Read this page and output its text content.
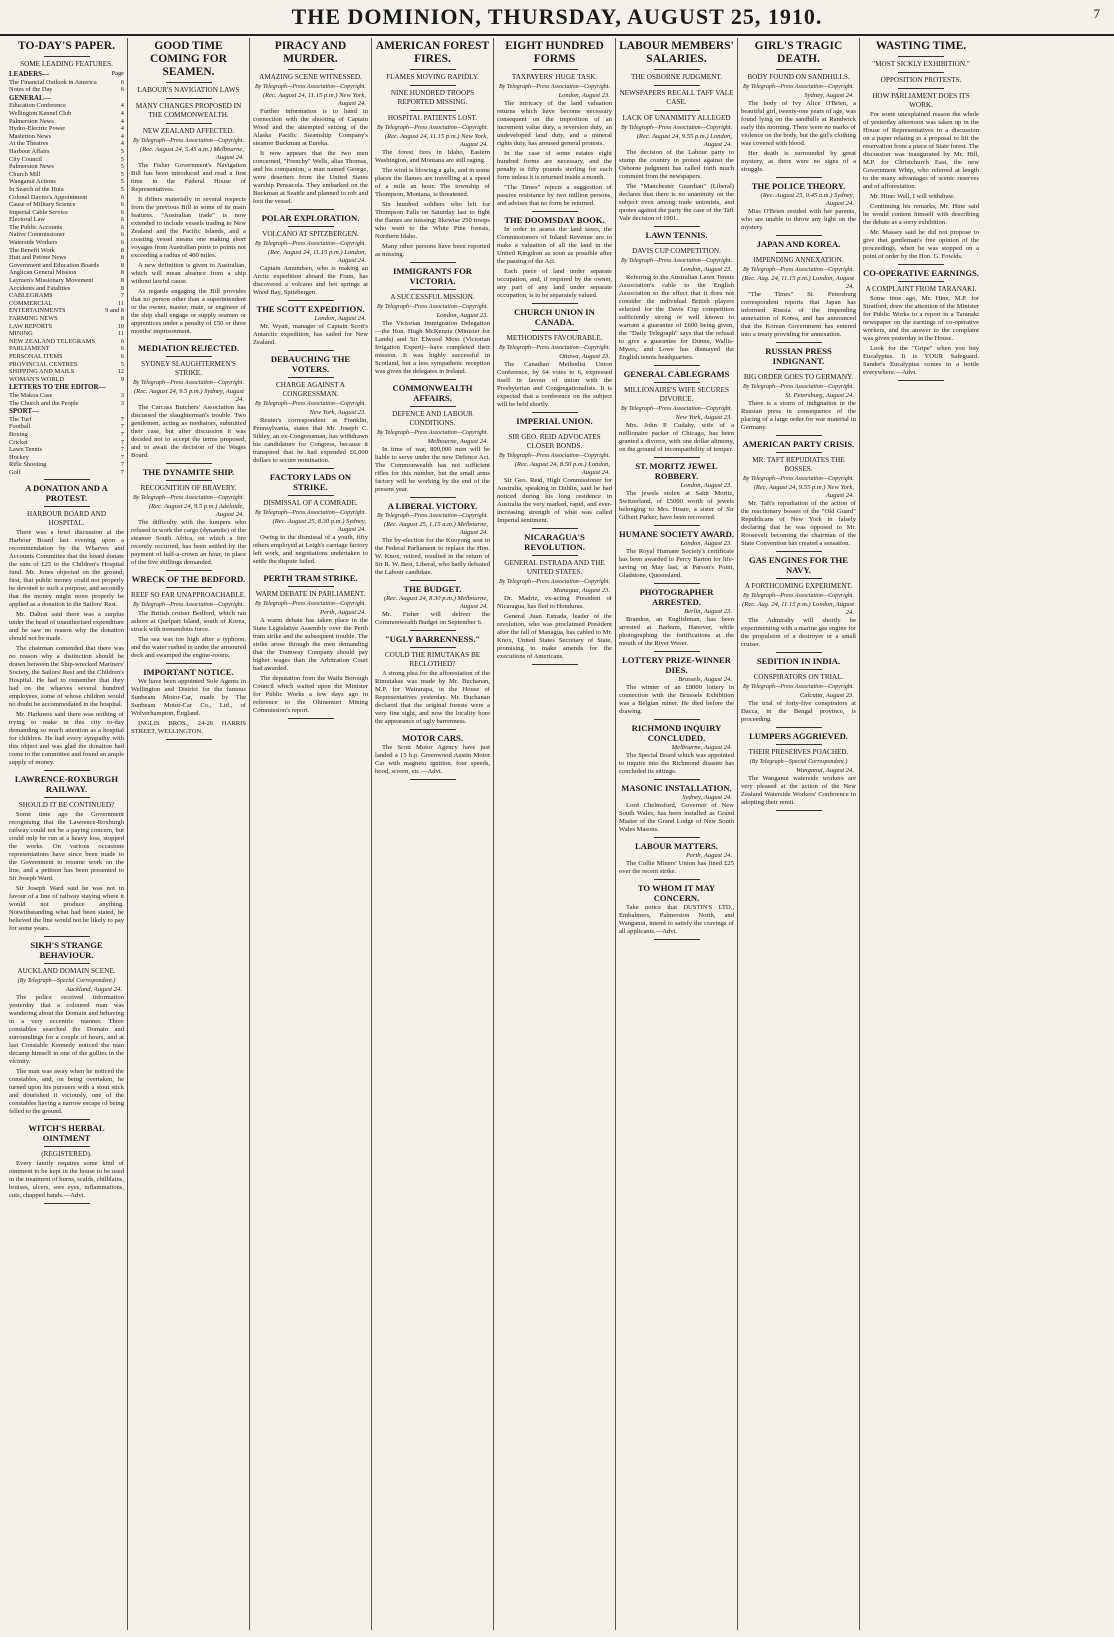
THE DOMINION, THURSDAY, AUGUST 25, 1910.	7
TO-DAY'S PAPER.
SOME LEADING FEATURES.
LEADERS—	Page
The Financial Outlook in America	6
Notes of the Day	6
GENERAL—
Education Conference	4
Wellington Kennel Club	4
Palmerston News	4
Hydro-Electric Power	4
Masterton News	4
At the Theatres	4
Harbour Affairs	5
City Council	5
Palmerston News	5
Church Mill	5
Wanganui Actions	5
In Search of the Huia	5
Colonel Davies's Appointment	6
Cause of Military Science	6
Imperial Cable Service	6
Electoral Law	6
The Public Accounts	6
Native Commissioner	6
Waterside Workers	6
The Benefit Work	8
Hutt and Petone News	8
Government and Education Boards	8
Anglican General Mission	8
Laymen's Missionary Movement	8
Accidents and Fatalities	8
CABLEGRAMS	7
COMMERCIAL	11
ENTERTAINMENTS	9 and 8
FARMING NEWS	8
LAW REPORTS	10
MINING	11
NEW ZEALAND TELEGRAMS	6
PARLIAMENT	6
PERSONAL ITEMS	6
PROVINCIAL CENTRES	5
SHIPPING AND MAILS	12
WOMAN'S WORLD	9
LETTERS TO THE EDITOR—
The Makoa Case	3
The Church and the People	3
SPORT—
The Turf	7
Football	7
Boxing	7
Cricket	7
Lawn Tennis	7
Hockey	7
Rifle Shooting	7
Golf	7
A DONATION AND A PROTEST.
HARBOUR BOARD AND HOSPITAL.

There was a brief discussion at the Harbour Board last evening upon a recommendation by the Wharves and Accounts Committee that the board donate the sum of £25 to the Children's Hospital fund. Mr. Jones objected on the ground, first, that public money could not properly be devoted to such a purpose, and secondly that the money might more properly be applied as a donation to the Sailors' Rest.

Mr. Dalton said there was a surplus under the head of unauthorised expenditure and he saw no reason why the donation should not be made.

The chairman contended that there was no reason why a distinction should be drawn between the Ship-wrecked Mariners' Society, the Sailors' Rest and the Children's Hospital. He had to remember that they had on the wharves several hundred employees, some of whose children would no doubt be accommodated in the hospital.

Mr. Harkness said there was nothing of trying to make in this city to-day demanding so much attention as a hospital for children. He had every sympathy with this object and was glad the donation had come to the committee and found an ample supply of money.

LAWRENCE-ROXBURGH RAILWAY.
SHOULD IT BE CONTINUED?

Some time ago the Government recognising that the Lawrence-Roxburgh railway could not be a paying concern, but could only be run at a heavy loss, stopped the works. On various occasions representations have since been made to the Government to resume work on the line, and a petition has been presented to Sir Joseph Ward.

Sir Joseph Ward said he was not in favour of a line of railway staying where it would not produce anything. Notwithstanding what had been stated, he believed the line would not be likely to pay for some years.

SIKH'S STRANGE BEHAVIOUR.
AUCKLAND DOMAIN SCENE.
(By Telegraph—Special Correspondent.)
Auckland, August 24.

The police received information yesterday that a coloured man was wandering about the Domain and behaving in a very eccentric manner. Three constables searched the Domain and surroundings for a couple of hours, and at last Constable Kennedy noticed the man decamp himself in one of the gullies in the vicinity.

The man was away when he noticed the constables, and, on being overtaken, he turned upon his pursuers with a stout stick and dourished it viciously, one of the constables having a narrow escape of being felled to the ground.

WITCH'S HERBAL OINTMENT
(REGISTERED).

Every family requires some kind of ointment to be kept in the house to be used in the treatment of burns, scalds, chilblains, bruises, ulcers, sore eyes, inflammations, cuts, chapped hands.—Advt.

GOOD TIME COMING FOR SEAMEN.
LABOUR'S NAVIGATION LAWS
MANY CHANGES PROPOSED IN THE COMMONWEALTH.
NEW ZEALAND AFFECTED.
By Telegraph—Press Association—Copyright.
(Rec. August 24, 5.45 a.m.) Melbourne, August 24.

The Fisher Government's Navigation Bill has been introduced and read a first time in the Federal House of Representatives.

It differs materially in several respects from the previous Bill in some of its main features. "Australian trade" is now extended to include vessels trading to New Zealand and the Pacific Islands, and a coasting vessel means one making short voyages from Australian ports to points not exceeding a radius of 400 miles.

A new definition is given to Australian, which will mean absence from a ship without lawful cause.

As regards engaging the Bill provides that no person other than a superintendent or the owner, master, mate, or engineer of the ship shall engage or supply seamen or apprentices under a penalty of £50 or three months' imprisonment.

MEDIATION REJECTED.
SYDNEY SLAUGHTERMEN'S STRIKE.
By Telegraph—Press Association—Copyright.
(Rec. August 24, 9.5 p.m.) Sydney, August 24.

The Carcass Butchers' Association has discussed the slaughterman's trouble. Two gentlemen, acting as mediators, submitted their case, but after discussion it was decided not to accept the terms proposed, and to await the decision of the Wages Board.

THE DYNAMITE SHIP.
RECOGNITION OF BRAVERY.
By Telegraph—Press Association—Copyright.
(Rec. August 24, 9.5 p.m.) Adelaide, August 24.

The difficulty with the lumpers who refused to work the cargo (dynamite) of the steamer South Africa, on which a fire recently occurred, has been settled by the payment of half-a-crown an hour, in place of the five shillings demanded.

WRECK OF THE BEDFORD.
REEF SO FAR UNAPPROACHABLE.
By Telegraph—Press Association—Copyright.

The British cruiser Bedford, which ran ashore at Quelpart Island, south of Korea, struck with tremendous force.

The sea was too high after a typhoon, and the water rushed in under the armoured deck and swamped the engine-rooms.

IMPORTANT NOTICE.

We have been appointed Sole Agents in Wellington and District for the famous Sunbeam Motor-Car, made by The Sunbeam Motor-Car Co., Ltd., of Wolverhampton, England.

INGLIS BROS., 24-26 HARRIS STREET, WELLINGTON.

PIRACY AND MURDER.
AMAZING SCENE WITNESSED.
By Telegraph—Press Association—Copyright.
(Rec. August 24, 11.15 p.m.) New York, August 24.

Further information is to hand in connection with the shooting of Captain Wood and the attempted seizing of the Alaska Pacific Steamship Company's steamer Buckman at Eureka.

It now appears that the two men concerned, "Frenchy" Wells, alias Thomas, and his companion, a man named George, were deserters from the United States warship Pensacola. They embarked on the Buckman at Seattle and planned to rob and loot the vessel.

POLAR EXPLORATION.
VOLCANO AT SPITZBERGEN.
By Telegraph—Press Association—Copyright.
(Rec. August 24, 11.15 p.m.) London, August 24.

Captain Amundsen, who is making an Arctic expedition aboard the Fram, has discovered a volcano and hot springs at Wood Bay, Spitzbergen.

THE SCOTT EXPEDITION.
London, August 24.

Mr. Wyatt, manager of Captain Scott's Antarctic expedition, has sailed for New Zealand.

DEBAUCHING THE VOTERS.
CHARGE AGAINST A CONGRESSMAN.
By Telegraph—Press Association—Copyright.
New York, August 23.

Reuter's correspondent at Franklin, Pennsylvania, states that Mr. Joseph C. Sibley, an ex-Congressman, has withdrawn his candidature for Congress, because it transpired that he had expended £6,000 dollars to secure nomination.

FACTORY LADS ON STRIKE.
DISMISSAL OF A COMRADE.
By Telegraph—Press Association—Copyright.
(Rec. August 25, 8.30 p.m.) Sydney, August 24.

Owing to the dismissal of a youth, fifty others employed at Leigh's carriage factory left work, and negotiations undertaken to settle the dispute failed.

PERTH TRAM STRIKE.
WARM DEBATE IN PARLIAMENT.
By Telegraph—Press Association—Copyright.
Perth, August 24.

A warm debate has taken place in the State Legislative Assembly over the Perth tram strike and the subsequent trouble. The strike arose through the men demanding that the Tramway Company should pay higher wages than the Arbitration Court had awarded.

The deputation from the Waihi Borough Council which waited upon the Minister for Public Works a few days ago in reference to the Ohinemuri Mining Commission's report.

AMERICAN FOREST FIRES.
FLAMES MOVING RAPIDLY.
NINE HUNDRED TROOPS REPORTED MISSING.
HOSPITAL PATIENTS LOST.
By Telegraph—Press Association—Copyright.
(Rec. August 24, 11.15 p.m.) New York, August 24.

The forest fires in Idaho, Eastern Washington, and Montana are still raging.

The wind is blowing a gale, and in some places the flames are travelling at a speed of a mile an hour. The township of Thompson, Montana, is threatened.

Six hundred soldiers who left for Thompson Falls on Saturday last to fight the flames are missing; likewise 250 troops who went to the White Pine forests, Northern Idaho.

Many other persons have been reported as missing.

IMMIGRANTS FOR VICTORIA.
A SUCCESSFUL MISSION.
By Telegraph—Press Association—Copyright.
London, August 23.

The Victorian Immigration Delegation—the Hon. Hugh McKenzie (Minister for Lands) and Sir Elwood Moss (Victorian Irrigation Expert)—have completed their mission. It was highly successful in Scotland, but a less sympathetic reception was given the delegates in Ireland.

COMMONWEALTH AFFAIRS.
DEFENCE AND LABOUR CONDITIONS.
By Telegraph—Press Association—Copyright.
Melbourne, August 24.

In time of war, 800,000 men will be liable to serve under the new Defence Act. The Commonwealth has not sufficient rifles for this number, but the small arms factory will be working by the end of the present year.

A LIBERAL VICTORY.
By Telegraph—Press Association—Copyright.
(Rec. August 25, 1.15 a.m.) Melbourne, August 24.

The by-election for the Kooyong seat in the Federal Parliament to replace the Hon. W. Knox, retired, resulted in the return of Sir R. W. Best, Liberal, who badly defeated the Labour candidate.

THE BUDGET.
(Rec. August 24, 8.30 p.m.) Melbourne, August 24.

Mr. Fisher will deliver the Commonwealth Budget on September 6.

"UGLY BARRENNESS."
COULD THE RIMUTAKAS BE RECLOTHED?

A strong plea for the afforestation of the Rimutakas was made by Mr. Buchanan, M.P. for Wairarapa, in the House of Representatives yesterday. Mr. Buchanan declared that the original forests were a very fine sight, and now the locality bore the appearance of ugly barrenness.

MOTOR CARS.

The Scott Motor Agency have just landed a 15 h.p. Greenwood Austin Motor Car with magneto ignition, four speeds, hood, screen, etc.—Advt.

EIGHT HUNDRED FORMS
TAXPAYERS' HUGE TASK.
By Telegraph—Press Association—Copyright.
London, August 23.

The intricacy of the land valuation returns which have become necessary consequent on the imposition of an increment value duty, a reversion duty, an undeveloped land duty, and a mineral rights duty, has aroused general protests.

In the case of some estates eight hundred forms are necessary, and the penalty is fifty pounds sterling for each form unless it is returned inside a month.

"The Times" rejects a suggestion of passive resistance by two million persons, and advises that no form be returned.

THE DOOMSDAY BOOK.

In order to assess the land taxes, the Commissioners of Inland Revenue are to make a valuation of all the land in the United Kingdom as soon as possible after the passing of the Act.

Each piece of land under separate occupation, and, if required by the owner, any part of any land under separate occupation, is to be separately valued.

CHURCH UNION IN CANADA.
METHODISTS FAVOURABLE.
By Telegraph—Press Association—Copyright.
Ottawa, August 23.

The Canadian Methodist Union Conference, by 64 votes to 6, expressed itself in favour of union with the Presbyterian and Congregationalists. It is expected that a conference on the subject will be held shortly.

IMPERIAL UNION.
SIR GEO. REID ADVOCATES CLOSER BONDS.
By Telegraph—Press Association—Copyright.
(Rec. August 24, 8.50 p.m.) London, August 24.

Sir Geo. Reid, High Commissioner for Australia, speaking in Dublin, said he had noticed during his long residence in Australia the very marked, rapid, and ever-increasing strength of what was called Imperial sentiment.

NICARAGUA'S REVOLUTION.
GENERAL ESTRADA AND THE UNITED STATES.
By Telegraph—Press Association—Copyright.
Managua, August 23.

Dr. Madriz, ex-acting President of Nicaragua, has fled to Honduras.

General Juan Estrada, leader of the revolution, who was proclaimed President after the fall of Managua, has cabled to Mr. Knox, United States Secretary of State, promising to make amends for the executions of Americans.

LABOUR MEMBERS' SALARIES.
THE OSBORNE JUDGMENT.
NEWSPAPERS RECALL TAFF VALE CASE.
LACK OF UNANIMITY ALLEGED
By Telegraph—Press Association—Copyright.
(Rec. August 24, 9.55 p.m.) London, August 24.

The decision of the Labour party to stump the country in protest against the Osborne judgment has called forth much comment from the newspapers.

The "Manchester Guardian" (Liberal) declares that there is no unanimity on the subject even among trade unionists, and quotes against the party the case of the Taff Vale decision of 1901.

LAWN TENNIS.
DAVIS CUP COMPETITION.
By Telegraph—Press Association—Copyright.
London, August 23.

Referring to the Australian Lawn Tennis Association's cable to the English Association to the effect that it does not consider the individual British players selected for the Davis Cup competition sufficiently strong or well known to warrant a guarantee of £600 being given, the "Daily Telegraph" says that the refusal to give a guarantee for Dunne, Wallis-Myers, and Lowe has dismayed the English tennis headquarters.

GENERAL CABLEGRAMS
MILLIONAIRE'S WIFE SECURES DIVORCE.
By Telegraph—Press Association—Copyright.
New York, August 23.

Mrs. John P. Cudahy, wife of a millionaire packer of Chicago, has been granted a divorce, with one dollar alimony, on the ground of incompatibility of temper.

ST. MORITZ JEWEL ROBBERY.
London, August 23.

The jewels stolen at Saint Moritz, Switzerland, of £5000 worth of jewels belonging to Mrs. Hoare, a sister of Sir Gilbert Parker, have been recovered.

HUMANE SOCIETY AWARD.
London, August 23.

The Royal Humane Society's certificate has been awarded to Percy Barton for life-saving on May last, at Parson's Point, Gladstone, Queensland.

PHOTOGRAPHER ARRESTED.
Berlin, August 23.

Brandon, an Englishman, has been arrested at Barkum, Hanover, while photographing the fortifications at the mouth of the River Weser.

LOTTERY PRIZE-WINNER DIES.
Brussels, August 24.

The winner of an £8000 lottery in connection with the Brussels Exhibition was a Belgian miner. He died before the drawing.

RICHMOND INQUIRY CONCLUDED.
Melbourne, August 24.

The Special Board which was appointed to inquire into the Richmond disaster has concluded its sittings.

MASONIC INSTALLATION.
Sydney, August 24.

Lord Chelmsford, Governor of New South Wales, has been installed as Grand Master of the Grand Lodge of New South Wales Masons.

LABOUR MATTERS.
Perth, August 24.

The Collie Miners' Union has fined £25 over the recent strike.

TO WHOM IT MAY CONCERN.

Take notice that DUSTIN'S LTD., Embalmers, Palmerston North, and Wanganui, intend to satisfy the cravings of all applicants.—Advt.

GIRL'S TRAGIC DEATH.
BODY FOUND ON SANDHILLS.
By Telegraph—Press Association—Copyright.
Sydney, August 24.

The body of Ivy Alice O'Brien, a beautiful girl, twenty-one years of age, was found lying on the sandhills at Randwick early this morning. There were no marks of violence on the body, but the girl's clothing was covered with blood.

Her death is surrounded by great mystery, as there were no signs of a struggle.

THE POLICE THEORY.
(Rec. August 25, 0.45 a.m.) Sydney, August 24.

Miss O'Brien resided with her parents, who are unable to throw any light on the mystery.

JAPAN AND KOREA.
IMPENDING ANNEXATION.
By Telegraph—Press Association—Copyright.
(Rec. Aug. 24, 11.15 p.m.) London, August 24.

"The Times" St. Petersburg correspondent reports that Japan has informed Russia of the impending annexation of Korea, and has announced that the Korean Government has entered into a treaty providing for annexation.

RUSSIAN PRESS INDIGNANT.
BIG ORDER GOES TO GERMANY.
By Telegraph—Press Association—Copyright.
St. Petersburg, August 24.

There is a storm of indignation in the Russian press in consequence of the placing of a large order for war material in Germany.

AMERICAN PARTY CRISIS.
MR. TAFT REPUDIATES THE BOSSES.
By Telegraph—Press Association—Copyright.
(Rec. August 24, 9.55 p.m.) New York, August 24.

Mr. Taft's repudiation of the action of the reactionary bosses of the "Old Guard" Republicans of New York in falsely declaring that he was opposed to Mr. Roosevelt becoming the chairman of the State Convention has created a sensation.

GAS ENGINES FOR THE NAVY.
A FORTHCOMING EXPERIMENT.
By Telegraph—Press Association—Copyright.
(Rec. Aug. 24, 11.15 p.m.) London, August 24.

The Admiralty will shortly be experimenting with a marine gas engine for the propulsion of a destroyer or a small cruiser.

SEDITION IN INDIA.
CONSPIRATORS ON TRIAL.
By Telegraph—Press Association—Copyright.
Calcutta, August 23.

The trial of forty-five conspirators at Dacca, in the Bengal province, is proceeding.

LUMPERS AGGRIEVED.
THEIR PRESERVES POACHED.
(By Telegraph—Special Correspondent.)
Wanganui, August 24.

The Wanganui waterside workers are very pleased at the action of the New Zealand Waterside Workers' Conference in adopting their remit.

WASTING TIME.
"MOST SICKLY EXHIBITION."
OPPOSITION PROTESTS.
HOW PARLIAMENT DOES ITS WORK.

For some unexplained reason the whole of yesterday afternoon was taken up in the House of Representatives in a discussion on a paper relating to a proposal to lift the reservation from a piece of State forest. The discussion was inaugurated by Mr. Hill, M.P. for Christchurch East, the new Government Whip, who referred at length to the many advantages of scenic reserves and of afforestation.

Mr. Hine: Well, I will withdraw.

Continuing his remarks, Mr. Hine said he would content himself with describing the debate as a sorry exhibition.

Mr. Massey said he did not propose to give that gentleman's free opinion of the proceedings, when he was stopped on a point of order by the Hon. G. Fowlds.

CO-OPERATIVE EARNINGS.
A COMPLAINT FROM TARANAKI.

Some time ago, Mr. Hine, M.P. for Stratford, drew the attention of the Minister for Public Works to a report in a Taranaki newspaper on the earnings of co-operative workers, and the answer to the complaint was given yesterday in the House.

Look for the "Gripe" when you buy Eucalyptus. It is YOUR Safeguard. Sander's Eucalyptus comes in a bottle everywhere.—Advt.
